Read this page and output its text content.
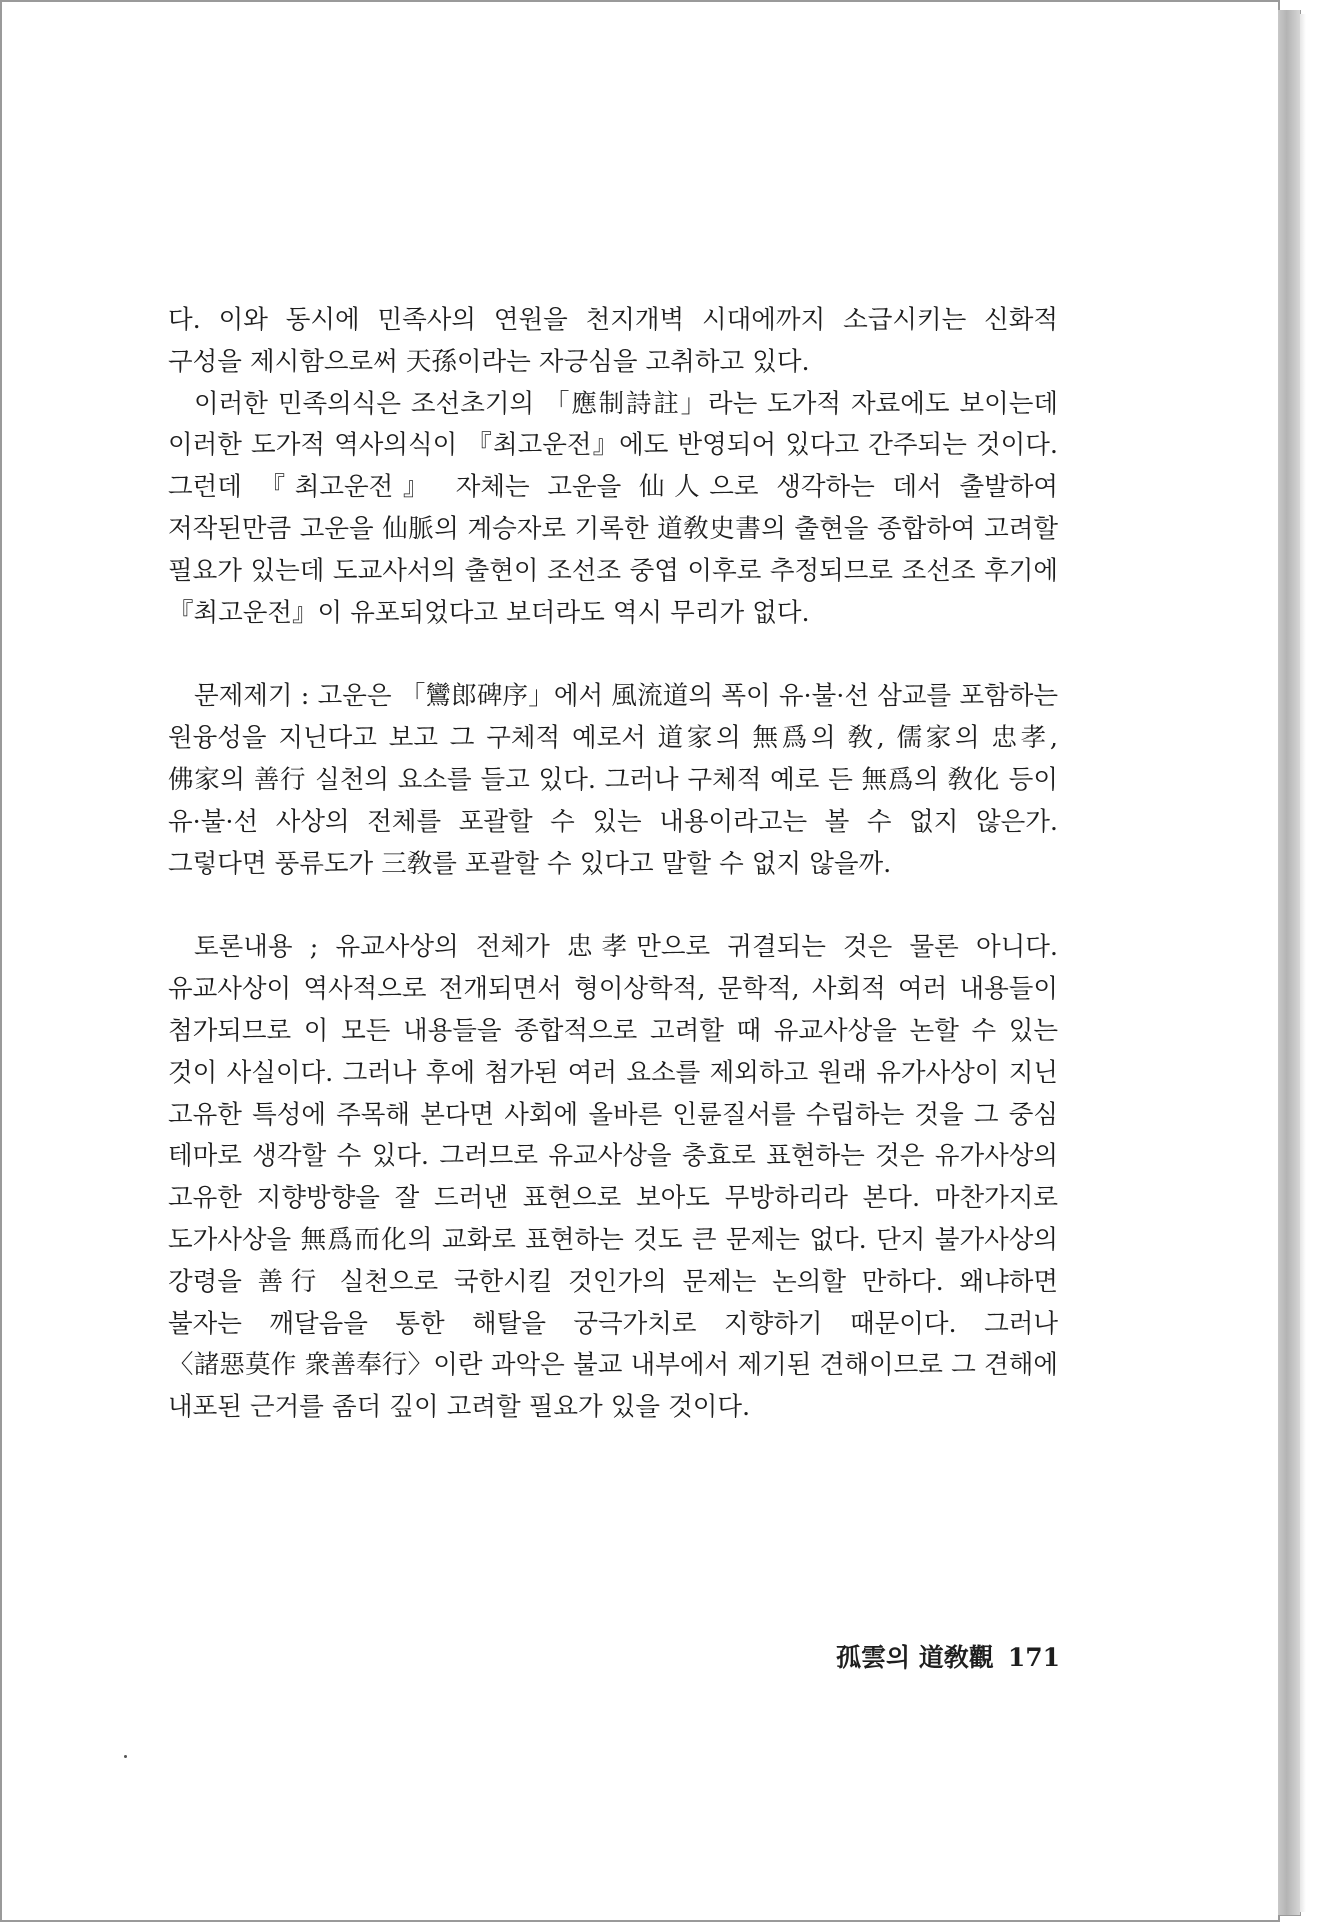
다. 이와 동시에 민족사의 연원을 천지개벽 시대에까지 소급시키는 신화적 구성을 제시함으로써 天孫이라는 자긍심을 고취하고 있다.

이러한 민족의식은 조선초기의 「應制詩註」라는 도가적 자료에도 보이는데 이러한 도가적 역사의식이 『최고운전』에도 반영되어 있다고 간주되는 것이다. 그런데 『최고운전』 자체는 고운을 仙人으로 생각하는 데서 출발하여 저작된만큼 고운을 仙脈의 계승자로 기록한 道敎史書의 출현을 종합하여 고려할 필요가 있는데 도교사서의 출현이 조선조 중엽 이후로 추정되므로 조선조 후기에 『최고운전』이 유포되었다고 보더라도 역시 무리가 없다.

문제제기 : 고운은 「鸞郎碑序」에서 風流道의 폭이 유·불·선 삼교를 포함하는 원융성을 지닌다고 보고 그 구체적 예로서 道家의 無爲의 敎, 儒家의 忠孝, 佛家의 善行 실천의 요소를 들고 있다. 그러나 구체적 예로 든 無爲의 敎化 등이 유·불·선 사상의 전체를 포괄할 수 있는 내용이라고는 볼 수 없지 않은가. 그렇다면 풍류도가 三敎를 포괄할 수 있다고 말할 수 없지 않을까.

토론내용 ; 유교사상의 전체가 忠孝만으로 귀결되는 것은 물론 아니다. 유교사상이 역사적으로 전개되면서 형이상학적, 문학적, 사회적 여러 내용들이 첨가되므로 이 모든 내용들을 종합적으로 고려할 때 유교사상을 논할 수 있는 것이 사실이다. 그러나 후에 첨가된 여러 요소를 제외하고 원래 유가사상이 지닌 고유한 특성에 주목해 본다면 사회에 올바른 인륜질서를 수립하는 것을 그 중심 테마로 생각할 수 있다. 그러므로 유교사상을 충효로 표현하는 것은 유가사상의 고유한 지향방향을 잘 드러낸 표현으로 보아도 무방하리라 본다. 마찬가지로 도가사상을 無爲而化의 교화로 표현하는 것도 큰 문제는 없다. 단지 불가사상의 강령을 善行 실천으로 국한시킬 것인가의 문제는 논의할 만하다. 왜냐하면 불자는 깨달음을 통한 해탈을 궁극가치로 지향하기 때문이다. 그러나 〈諸惡莫作 衆善奉行〉이란 과악은 불교 내부에서 제기된 견해이므로 그 견해에 내포된 근거를 좀더 깊이 고려할 필요가 있을 것이다.

孤雲의 道敎觀 171
